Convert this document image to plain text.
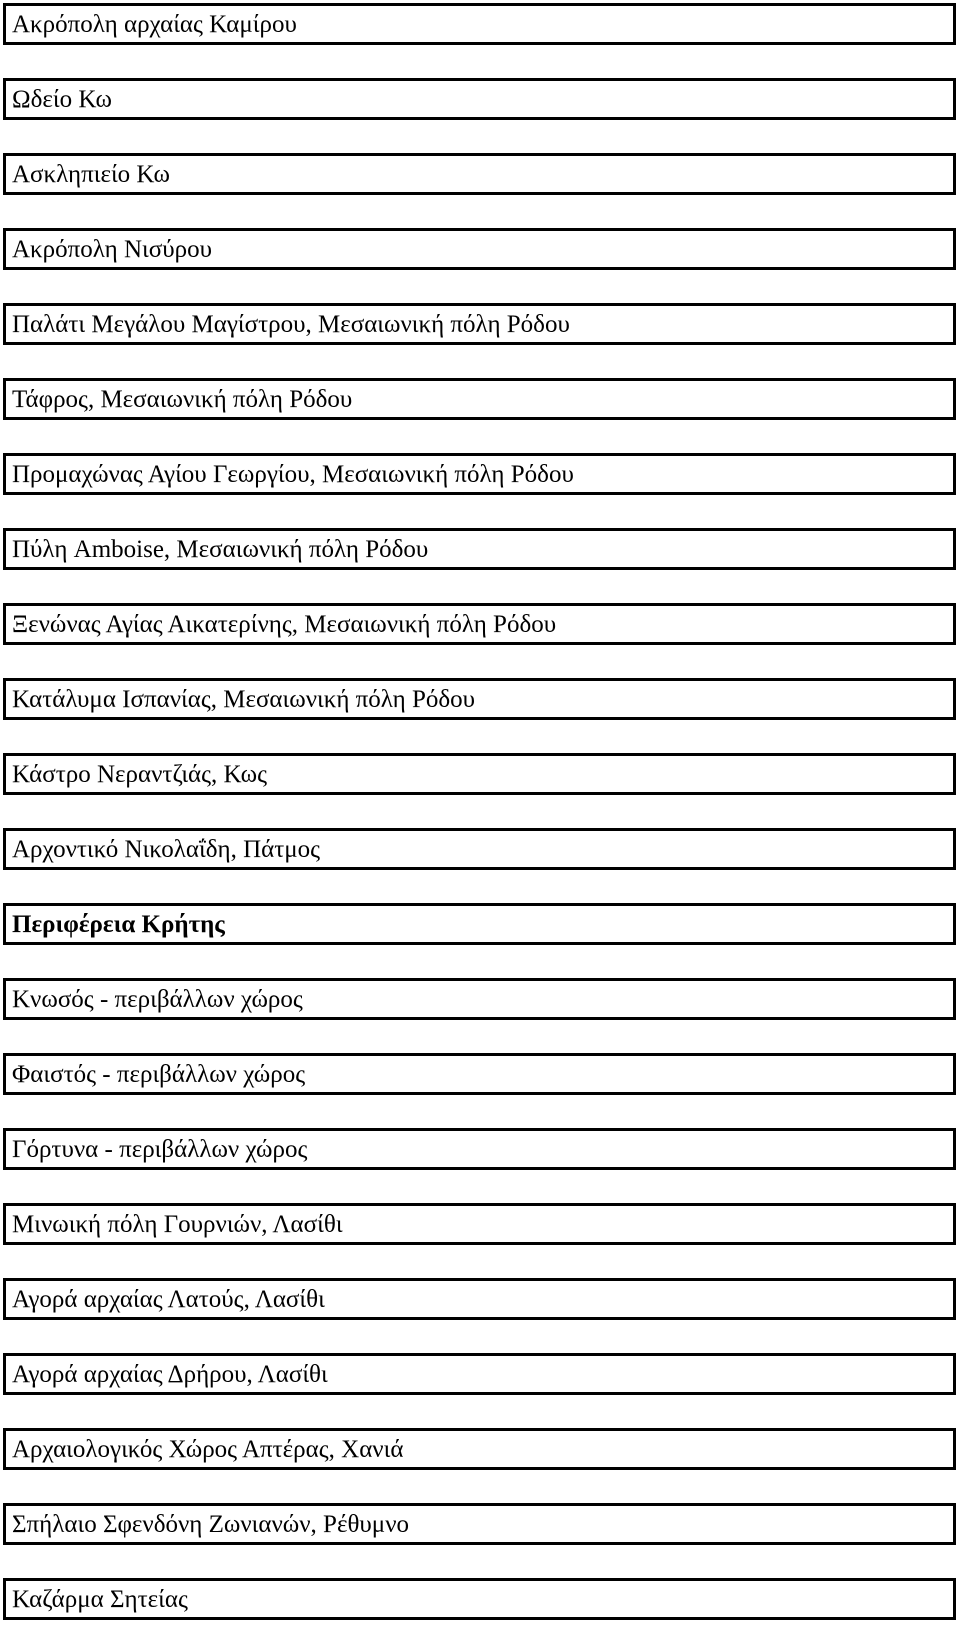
Ακρόπολη αρχαίας Καμίρου
Ωδείο Κω
Ασκληπιείο Κω
Ακρόπολη Νισύρου
Παλάτι Μεγάλου Μαγίστρου, Μεσαιωνική πόλη Ρόδου
Τάφρος, Μεσαιωνική πόλη Ρόδου
Προμαχώνας Αγίου Γεωργίου, Μεσαιωνική πόλη Ρόδου
Πύλη Amboise, Μεσαιωνική πόλη Ρόδου
Ξενώνας Αγίας Αικατερίνης, Μεσαιωνική πόλη Ρόδου
Κατάλυμα Ισπανίας, Μεσαιωνική πόλη Ρόδου
Κάστρο Νεραντζιάς, Κως
Αρχοντικό Νικολαΐδη, Πάτμος
Περιφέρεια Κρήτης
Κνωσός - περιβάλλων χώρος
Φαιστός - περιβάλλων χώρος
Γόρτυνα - περιβάλλων χώρος
Μινωική πόλη Γουρνιών, Λασίθι
Αγορά αρχαίας Λατούς, Λασίθι
Αγορά αρχαίας Δρήρου, Λασίθι
Αρχαιολογικός Χώρος Απτέρας, Χανιά
Σπήλαιο Σφενδόνη Ζωνιανών, Ρέθυμνο
Καζάρμα Σητείας
